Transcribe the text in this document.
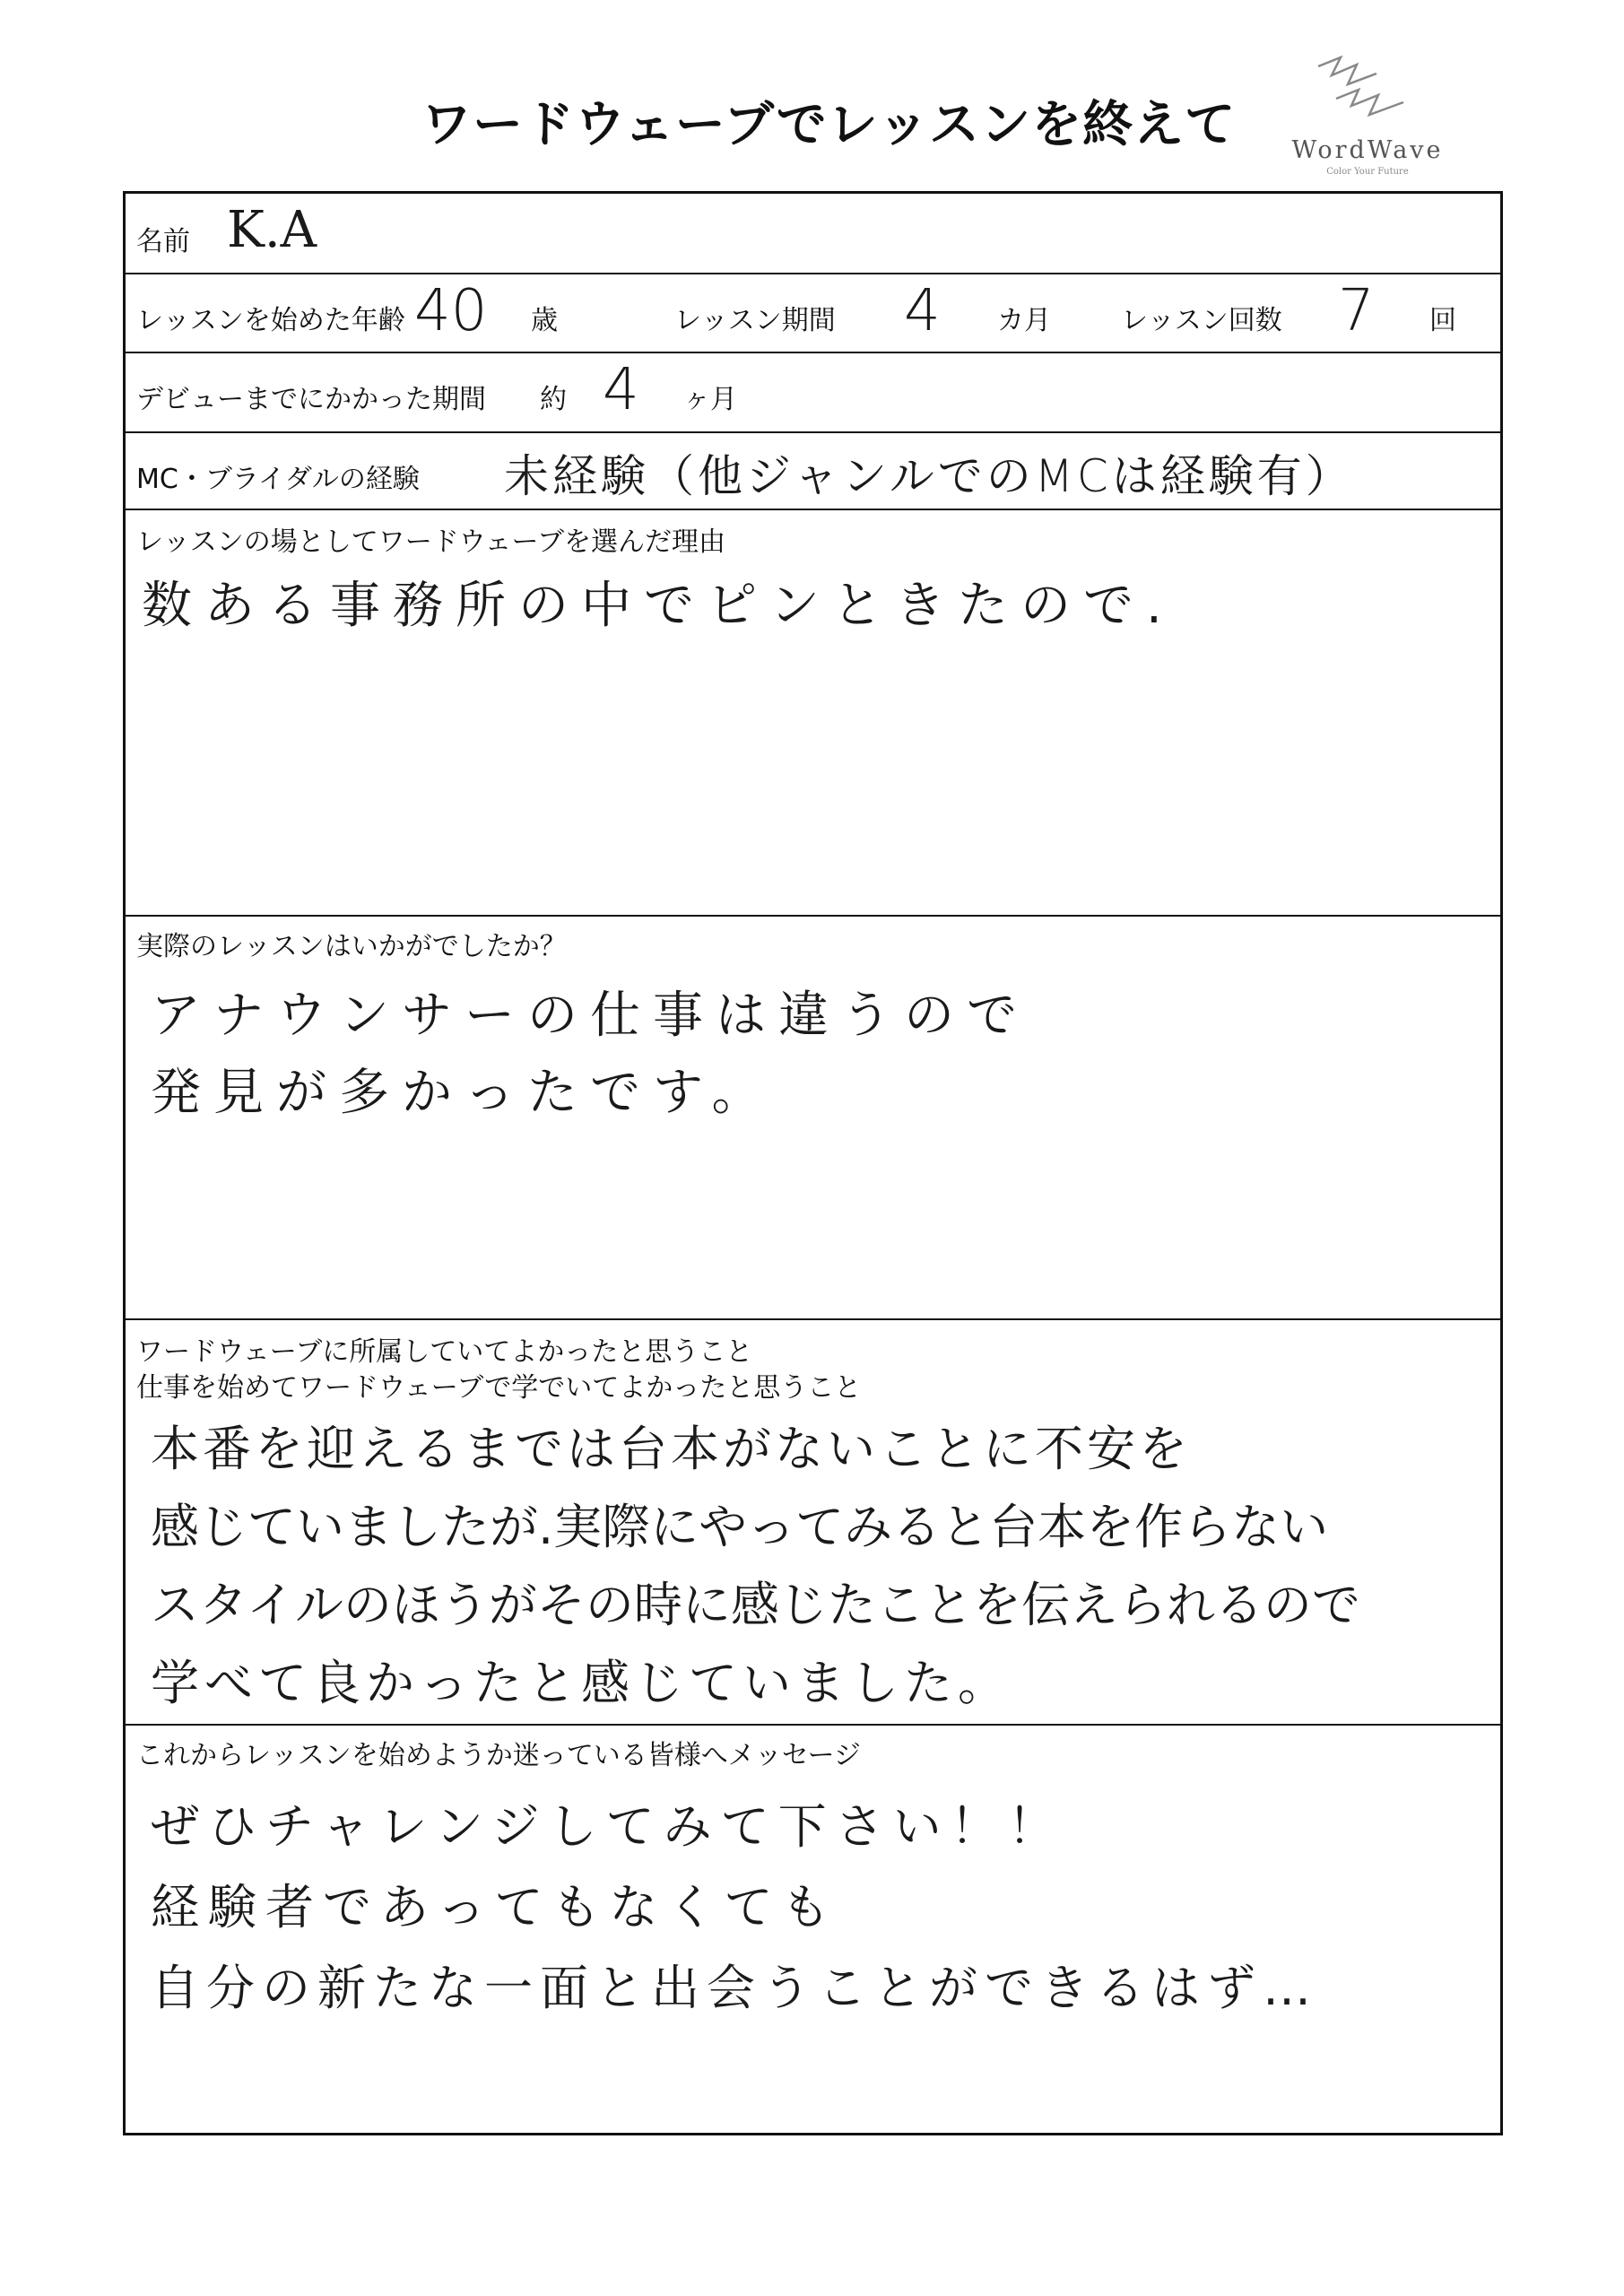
ワードウェーブでレッスンを終えて	WordWave
Color Your Future
名前 K.A
レッスンを始めた年齢 40 歳	レッスン期間 4 カ月	レッスン回数 7 回
デビューまでにかかった期間 約 4 ヶ月
MC・ブライダルの経験 未経験（他ジャンルでのMCは経験有）
レッスンの場としてワードウェーブを選んだ理由
数ある事務所の中でピンときたので.
実際のレッスンはいかがでしたか？
アナウンサーの仕事は違うので
発見が多かったです。
ワードウェーブに所属していてよかったと思うこと
仕事を始めてワードウェーブで学でいてよかったと思うこと
本番を迎えるまでは台本がないことに不安を
感じていましたが.実際にやってみると台本を作らない
スタイルのほうがその時に感じたことを伝えられるので
学べて良かったと感じていました。
これからレッスンを始めようか迷っている皆様へメッセージ
ぜひチャレンジしてみて下さい！！
経験者であってもなくても
自分の新たな一面と出会うことができるはず…
